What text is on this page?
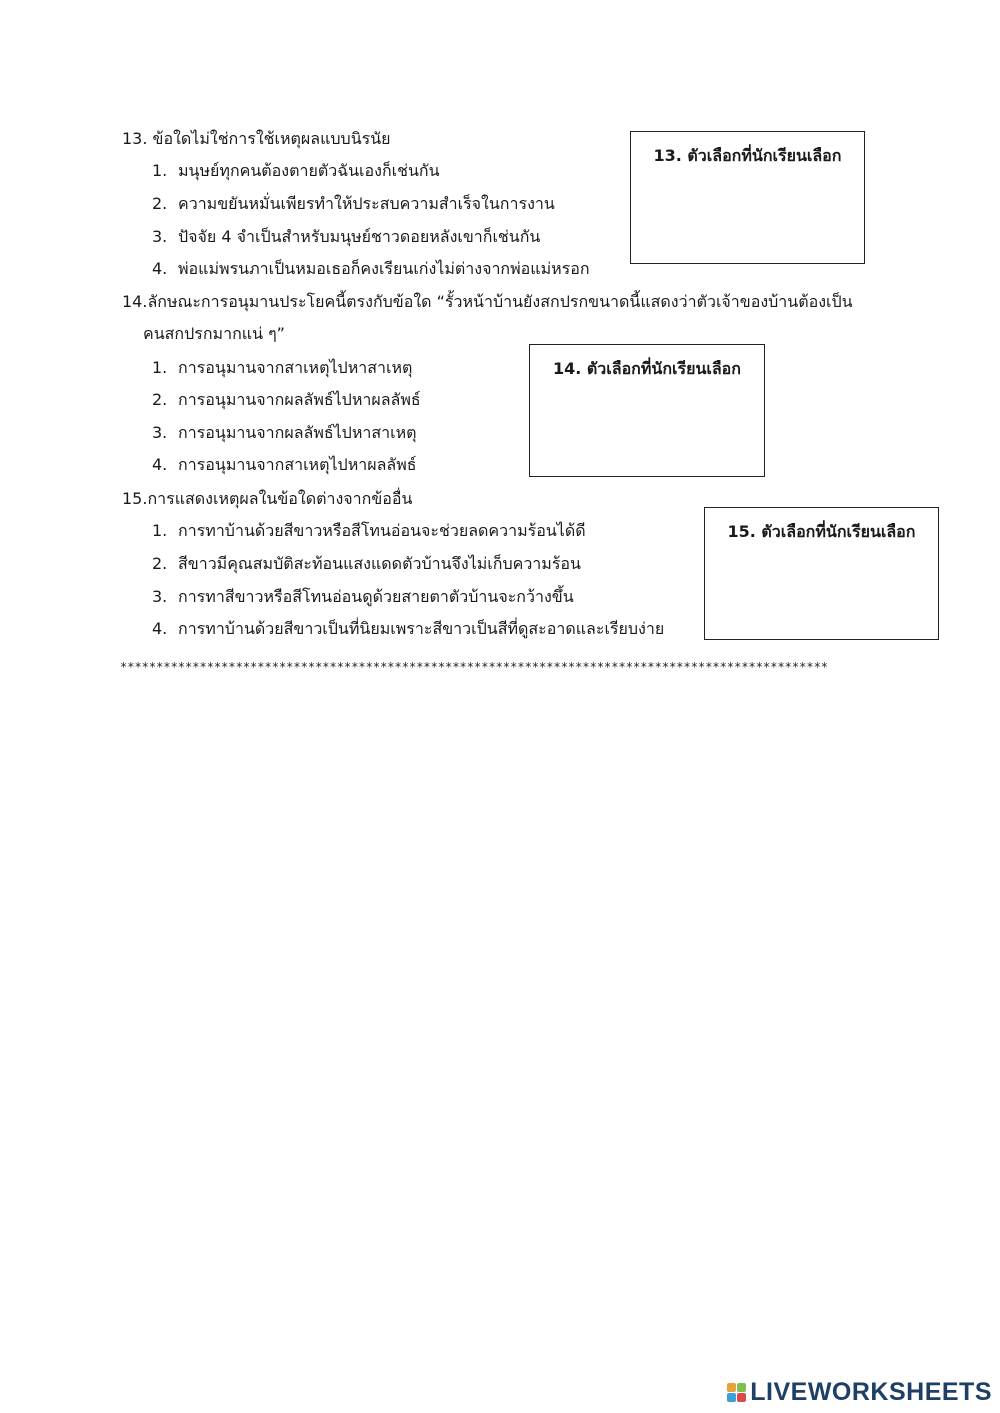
13. ข้อใดไม่ใช่การใช้เหตุผลแบบนิรนัย
1. มนุษย์ทุกคนต้องตายตัวฉันเองก็เช่นกัน
2. ความขยันหมั่นเพียรทำให้ประสบความสำเร็จในการงาน
3. ปัจจัย 4 จำเป็นสำหรับมนุษย์ชาวดอยหลังเขาก็เช่นกัน
4. พ่อแม่พรนภาเป็นหมอเธอก็คงเรียนเก่งไม่ต่างจากพ่อแม่หรอก
13. ตัวเลือกที่นักเรียนเลือก
14.ลักษณะการอนุมานประโยคนี้ตรงกับข้อใด “รั้วหน้าบ้านยังสกปรกขนาดนี้แสดงว่าตัวเจ้าของบ้านต้องเป็น
คนสกปรกมากแน่ ๆ”
1. การอนุมานจากสาเหตุไปหาสาเหตุ
2. การอนุมานจากผลลัพธ์ไปหาผลลัพธ์
3. การอนุมานจากผลลัพธ์ไปหาสาเหตุ
4. การอนุมานจากสาเหตุไปหาผลลัพธ์
14. ตัวเลือกที่นักเรียนเลือก
15.การแสดงเหตุผลในข้อใดต่างจากข้ออื่น
1. การทาบ้านด้วยสีขาวหรือสีโทนอ่อนจะช่วยลดความร้อนได้ดี
2. สีขาวมีคุณสมบัติสะท้อนแสงแดดตัวบ้านจึงไม่เก็บความร้อน
3. การทาสีขาวหรือสีโทนอ่อนดูด้วยสายตาตัวบ้านจะกว้างขึ้น
4. การทาบ้านด้วยสีขาวเป็นที่นิยมเพราะสีขาวเป็นสีที่ดูสะอาดและเรียบง่าย
15. ตัวเลือกที่นักเรียนเลือก
**************************************************************************************************
LIVEWORKSHEETS
